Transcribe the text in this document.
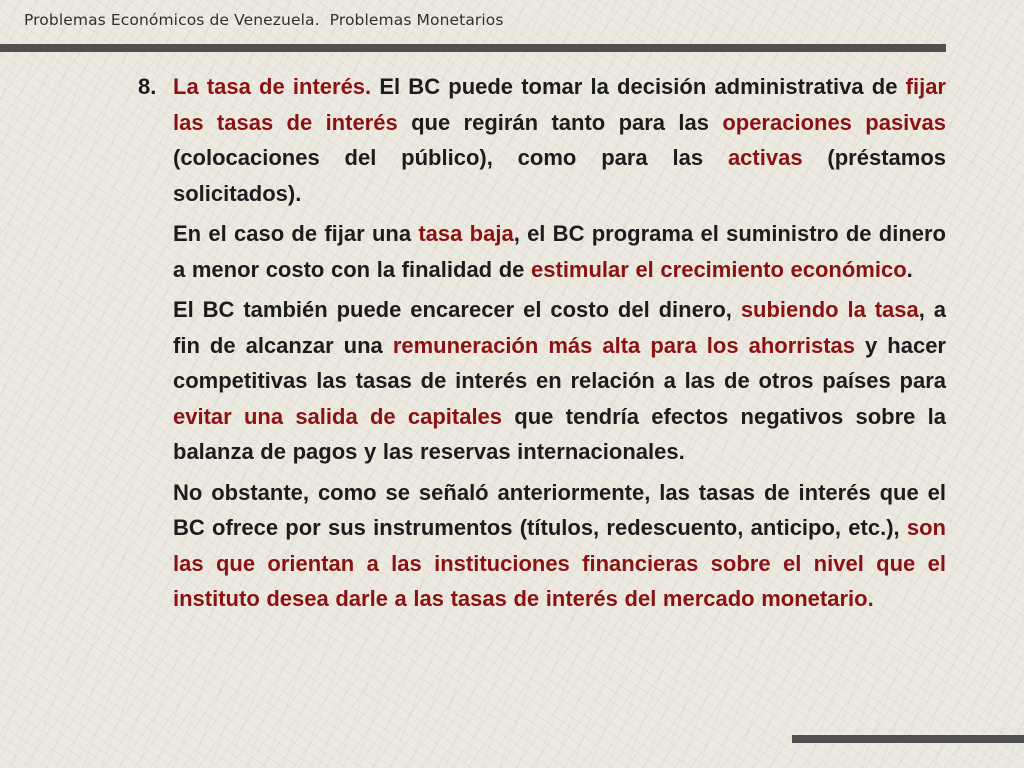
Problemas Económicos de Venezuela.  Problemas Monetarios
8. La tasa de interés. El BC puede tomar la decisión administrativa de fijar las tasas de interés que regirán tanto para las operaciones pasivas (colocaciones del público), como para las activas (préstamos solicitados).

En el caso de fijar una tasa baja, el BC programa el suministro de dinero a menor costo con la finalidad de estimular el crecimiento económico.

El BC también puede encarecer el costo del dinero, subiendo la tasa, a fin de alcanzar una remuneración más alta para los ahorristas y hacer competitivas las tasas de interés en relación a las de otros países para evitar una salida de capitales que tendría efectos negativos sobre la balanza de pagos y las reservas internacionales.

No obstante, como se señaló anteriormente, las tasas de interés que el BC ofrece por sus instrumentos (títulos, redescuento, anticipo, etc.), son las que orientan a las instituciones financieras sobre el nivel que el instituto desea darle a las tasas de interés del mercado monetario.
